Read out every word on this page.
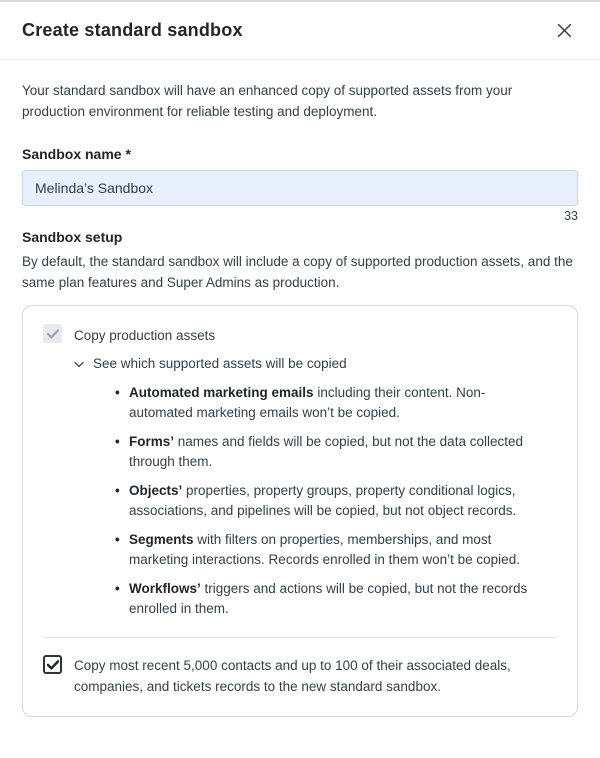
Create standard sandbox

Your standard sandbox will have an enhanced copy of supported assets from your production environment for reliable testing and deployment.

Sandbox name *
Melinda’s Sandbox
33
Sandbox setup

By default, the standard sandbox will include a copy of supported production assets, and the same plan features and Super Admins as production.

Copy production assets
See which supported assets will be copied
• Automated marketing emails including their content. Non-automated marketing emails won’t be copied.
• Forms’ names and fields will be copied, but not the data collected through them.
• Objects’ properties, property groups, property conditional logics, associations, and pipelines will be copied, but not object records.
• Segments with filters on properties, memberships, and most marketing interactions. Records enrolled in them won’t be copied.
• Workflows’ triggers and actions will be copied, but not the records enrolled in them.
Copy most recent 5,000 contacts and up to 100 of their associated deals, companies, and tickets records to the new standard sandbox.
